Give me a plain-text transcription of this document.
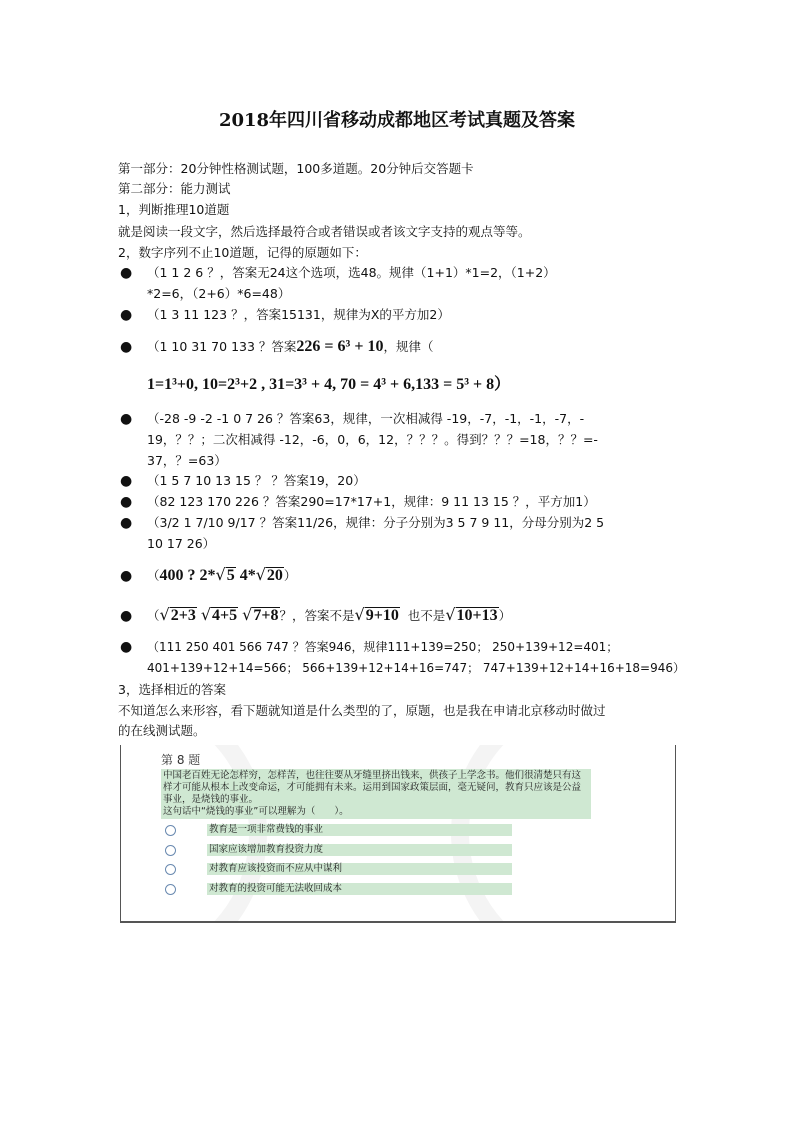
2018年四川省移动成都地区考试真题及答案
第一部分：20分钟性格测试题，100多道题。20分钟后交答题卡
第二部分：能力测试
1，判断推理10道题
就是阅读一段文字，然后选择最符合或者错误或者该文字支持的观点等等。
2，数字序列不止10道题，记得的原题如下：
● （1 1 2 6 ？，答案无24这个选项，选48。规律（1+1）*1=2，（1+2）
*2=6，（2+6）*6=48）
● （1 3 11 123 ？，答案15131，规律为X的平方加2）
● （1 10 31 70 133 ？答案226 = 6³ + 10，规律（
1=1³+0, 10=2³+2 , 31=3³ + 4, 70 = 4³ + 6,133 = 5³ + 8）
● （-28 -9 -2 -1 0 7 26 ？答案63，规律，一次相减得 -19，-7，-1，-1，-7，-
19，？？；二次相减得 -12，-6，0，6，12，？？？。得到？？？=18，？？=-
37，？=63）
● （1 5 7 10 13 15 ？ ？答案19，20）
● （82 123 170 226 ？答案290=17*17+1，规律：9 11 13 15 ？，平方加1）
● （3/2 1 7/10 9/17 ？答案11/26，规律：分子分别为3 5 7 9 11，分母分别为2 5
10 17 26）
● （400 ? 2*√5 4*√20）
● （√2+3 √4+5 √7+8？，答案不是√9+10 也不是√10+13）
● （111 250 401 566 747 ？答案946，规律111+139=250； 250+139+12=401；
401+139+12+14=566； 566+139+12+14+16=747； 747+139+12+14+16+18=946）
3，选择相近的答案
不知道怎么来形容，看下题就知道是什么类型的了，原题，也是我在申请北京移动时做过
的在线测试题。
第 8 题
中国老百姓无论怎样穷，怎样苦，也往往要从牙缝里挤出钱来，供孩子上学念书。他们很清楚只有这样才可能从根本上改变命运，才可能拥有未来。运用到国家政策层面，毫无疑问，教育只应该是公益事业，是烧钱的事业。
这句话中“烧钱的事业”可以理解为（　　）。
教育是一项非常费钱的事业
国家应该增加教育投资力度
对教育应该投资而不应从中谋利
对教育的投资可能无法收回成本
